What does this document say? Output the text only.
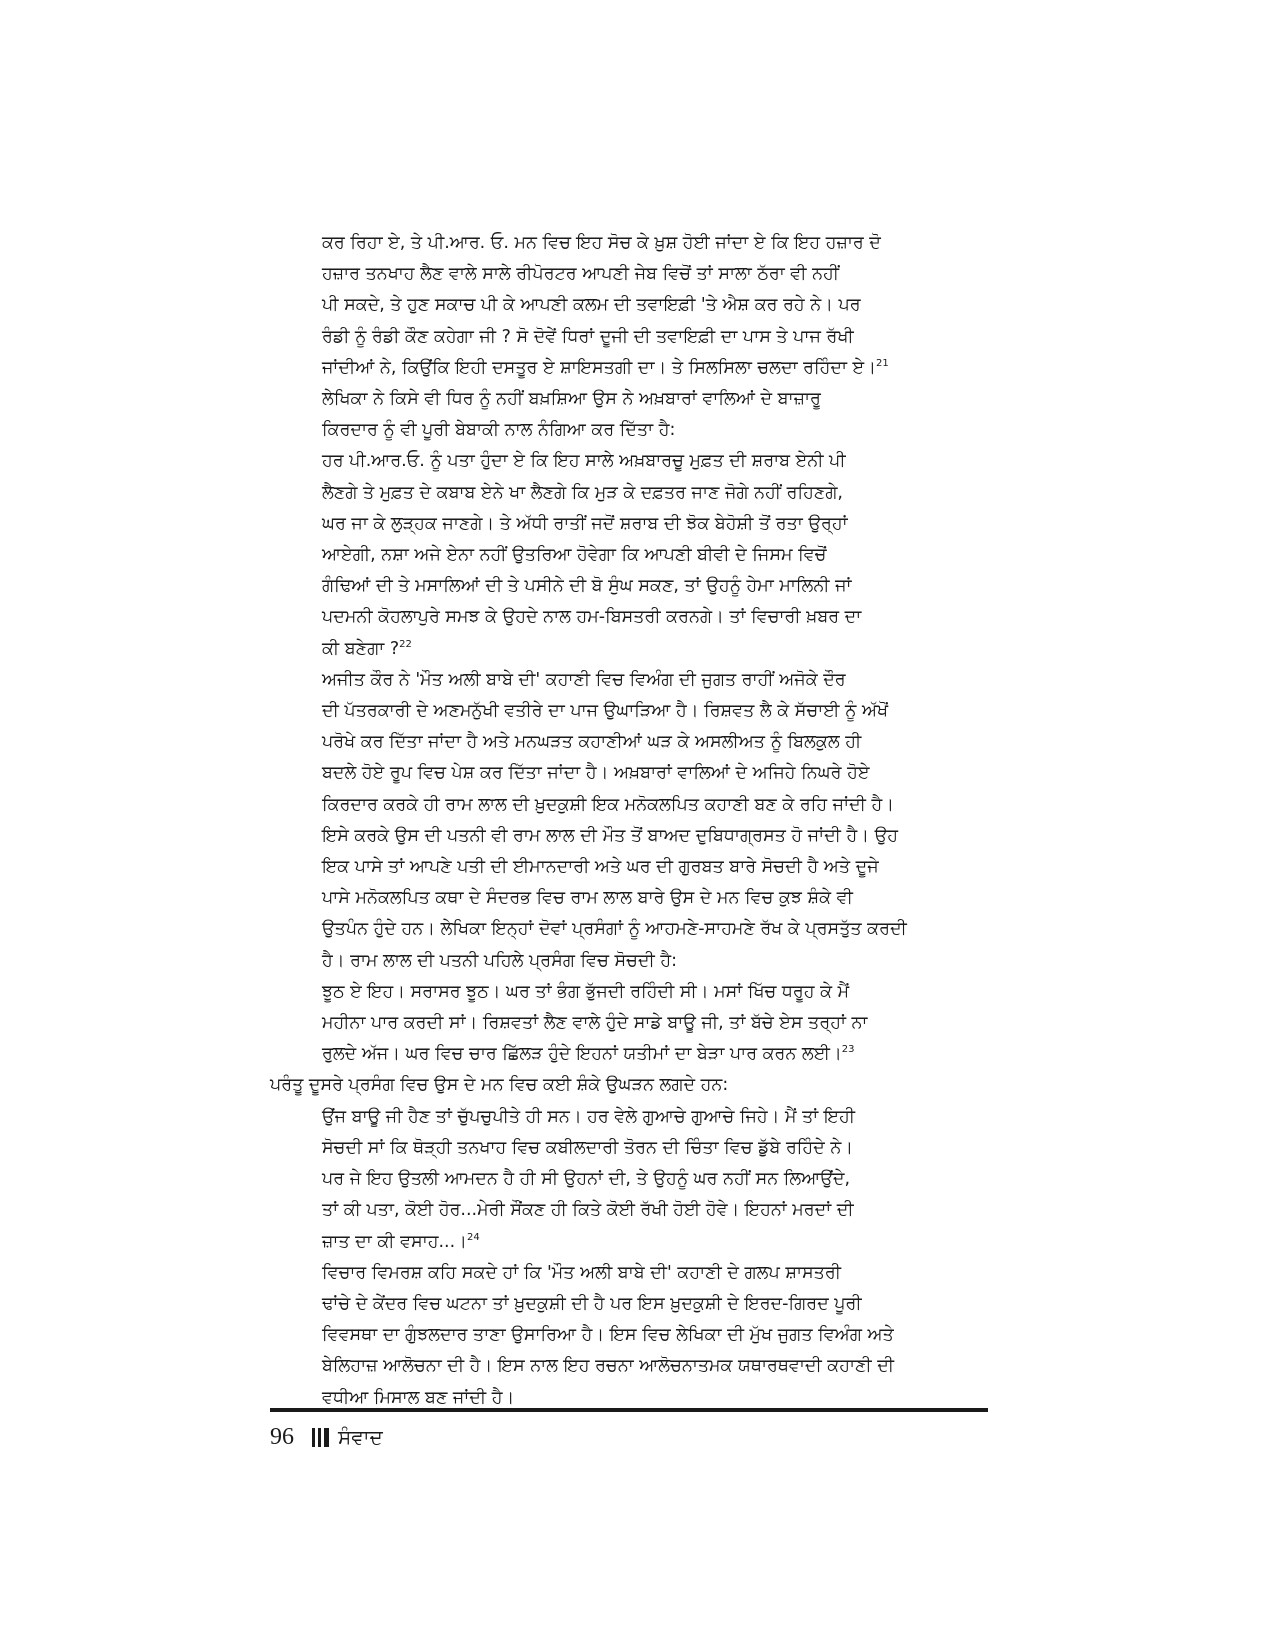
ਕਰ ਰਿਹਾ ਏ, ਤੇ ਪੀ.ਆਰ. ਓ. ਮਨ ਵਿਚ ਇਹ ਸੋਚ ਕੇ ਖ਼ੁਸ਼ ਹੋਈ ਜਾਂਦਾ ਏ ਕਿ ਇਹ ਹਜ਼ਾਰ ਦੋ
ਹਜ਼ਾਰ ਤਨਖਾਹ ਲੈਣ ਵਾਲੇ ਸਾਲੇ ਰੀਪੋਰਟਰ ਆਪਣੀ ਜੇਬ ਵਿਚੋਂ ਤਾਂ ਸਾਲਾ ਠੱਰਾ ਵੀ ਨਹੀਂ
ਪੀ ਸਕਦੇ, ਤੇ ਹੁਣ ਸਕਾਚ ਪੀ ਕੇ ਆਪਣੀ ਕਲਮ ਦੀ ਤਵਾਇਫ਼ੀ 'ਤੇ ਐਸ਼ ਕਰ ਰਹੇ ਨੇ। ਪਰ
ਰੰਡੀ ਨੂੰ ਰੰਡੀ ਕੌਣ ਕਹੇਗਾ ਜੀ ? ਸੋ ਦੋਵੇਂ ਧਿਰਾਂ ਦੂਜੀ ਦੀ ਤਵਾਇਫ਼ੀ ਦਾ ਪਾਸ ਤੇ ਪਾਜ ਰੱਖੀ
ਜਾਂਦੀਆਂ ਨੇ, ਕਿਉਂਕਿ ਇਹੀ ਦਸਤੂਰ ਏ ਸ਼ਾਇਸਤਗੀ ਦਾ। ਤੇ ਸਿਲਸਿਲਾ ਚਲਦਾ ਰਹਿੰਦਾ ਏ।$^{21}$
ਲੇਖਿਕਾ ਨੇ ਕਿਸੇ ਵੀ ਧਿਰ ਨੂੰ ਨਹੀਂ ਬਖ਼ਸ਼ਿਆ ਉਸ ਨੇ ਅਖ਼ਬਾਰਾਂ ਵਾਲਿਆਂ ਦੇ ਬਾਜ਼ਾਰੂ
ਕਿਰਦਾਰ ਨੂੰ ਵੀ ਪੂਰੀ ਬੇਬਾਕੀ ਨਾਲ ਨੰਗਿਆ ਕਰ ਦਿੱਤਾ ਹੈ:
ਹਰ ਪੀ.ਆਰ.ਓ. ਨੂੰ ਪਤਾ ਹੁੰਦਾ ਏ ਕਿ ਇਹ ਸਾਲੇ ਅਖ਼ਬਾਰਚੂ ਮੁਫ਼ਤ ਦੀ ਸ਼ਰਾਬ ਏਨੀ ਪੀ
ਲੈਣਗੇ ਤੇ ਮੁਫ਼ਤ ਦੇ ਕਬਾਬ ਏਨੇ ਖਾ ਲੈਣਗੇ ਕਿ ਮੁੜ ਕੇ ਦਫ਼ਤਰ ਜਾਣ ਜੋਗੇ ਨਹੀਂ ਰਹਿਣਗੇ,
ਘਰ ਜਾ ਕੇ ਲੁੜ੍ਹਕ ਜਾਣਗੇ। ਤੇ ਅੱਧੀ ਰਾਤੀਂ ਜਦੋਂ ਸ਼ਰਾਬ ਦੀ ਝੋਕ ਬੇਹੋਸ਼ੀ ਤੋਂ ਰਤਾ ਉਰ੍ਹਾਂ
ਆਏਗੀ, ਨਸ਼ਾ ਅਜੇ ਏਨਾ ਨਹੀਂ ਉਤਰਿਆ ਹੋਵੇਗਾ ਕਿ ਆਪਣੀ ਬੀਵੀ ਦੇ ਜਿਸਮ ਵਿਚੋਂ
ਗੰਢਿਆਂ ਦੀ ਤੇ ਮਸਾਲਿਆਂ ਦੀ ਤੇ ਪਸੀਨੇ ਦੀ ਬੋ ਸੁੰਘ ਸਕਣ, ਤਾਂ ਉਹਨੂੰ ਹੇਮਾ ਮਾਲਿਨੀ ਜਾਂ
ਪਦਮਨੀ ਕੋਹਲਾਪੁਰੇ ਸਮਝ ਕੇ ਉਹਦੇ ਨਾਲ ਹਮ-ਬਿਸਤਰੀ ਕਰਨਗੇ। ਤਾਂ ਵਿਚਾਰੀ ਖ਼ਬਰ ਦਾ
ਕੀ ਬਣੇਗਾ ?$^{22}$
ਅਜੀਤ ਕੌਰ ਨੇ 'ਮੌਤ ਅਲੀ ਬਾਬੇ ਦੀ' ਕਹਾਣੀ ਵਿਚ ਵਿਅੰਗ ਦੀ ਜੁਗਤ ਰਾਹੀਂ ਅਜੋਕੇ ਦੌਰ
ਦੀ ਪੱਤਰਕਾਰੀ ਦੇ ਅਣਮਨੁੱਖੀ ਵਤੀਰੇ ਦਾ ਪਾਜ ਉਘਾੜਿਆ ਹੈ। ਰਿਸ਼ਵਤ ਲੈ ਕੇ ਸੱਚਾਈ ਨੂੰ ਅੱਖੋਂ
ਪਰੋਖੇ ਕਰ ਦਿੱਤਾ ਜਾਂਦਾ ਹੈ ਅਤੇ ਮਨਘੜਤ ਕਹਾਣੀਆਂ ਘੜ ਕੇ ਅਸਲੀਅਤ ਨੂੰ ਬਿਲਕੁਲ ਹੀ
ਬਦਲੇ ਹੋਏ ਰੂਪ ਵਿਚ ਪੇਸ਼ ਕਰ ਦਿੱਤਾ ਜਾਂਦਾ ਹੈ। ਅਖ਼ਬਾਰਾਂ ਵਾਲਿਆਂ ਦੇ ਅਜਿਹੇ ਨਿਘਰੇ ਹੋਏ
ਕਿਰਦਾਰ ਕਰਕੇ ਹੀ ਰਾਮ ਲਾਲ ਦੀ ਖ਼ੁਦਕੁਸ਼ੀ ਇਕ ਮਨੋਕਲਪਿਤ ਕਹਾਣੀ ਬਣ ਕੇ ਰਹਿ ਜਾਂਦੀ ਹੈ।
ਇਸੇ ਕਰਕੇ ਉਸ ਦੀ ਪਤਨੀ ਵੀ ਰਾਮ ਲਾਲ ਦੀ ਮੌਤ ਤੋਂ ਬਾਅਦ ਦੁਬਿਧਾਗ੍ਰਸਤ ਹੋ ਜਾਂਦੀ ਹੈ। ਉਹ
ਇਕ ਪਾਸੇ ਤਾਂ ਆਪਣੇ ਪਤੀ ਦੀ ਈਮਾਨਦਾਰੀ ਅਤੇ ਘਰ ਦੀ ਗੁਰਬਤ ਬਾਰੇ ਸੋਚਦੀ ਹੈ ਅਤੇ ਦੂਜੇ
ਪਾਸੇ ਮਨੋਕਲਪਿਤ ਕਥਾ ਦੇ ਸੰਦਰਭ ਵਿਚ ਰਾਮ ਲਾਲ ਬਾਰੇ ਉਸ ਦੇ ਮਨ ਵਿਚ ਕੁਝ ਸ਼ੰਕੇ ਵੀ
ਉਤਪੰਨ ਹੁੰਦੇ ਹਨ। ਲੇਖਿਕਾ ਇਨ੍ਹਾਂ ਦੋਵਾਂ ਪ੍ਰਸੰਗਾਂ ਨੂੰ ਆਹਮਣੇ-ਸਾਹਮਣੇ ਰੱਖ ਕੇ ਪ੍ਰਸਤੁੱਤ ਕਰਦੀ
ਹੈ। ਰਾਮ ਲਾਲ ਦੀ ਪਤਨੀ ਪਹਿਲੇ ਪ੍ਰਸੰਗ ਵਿਚ ਸੋਚਦੀ ਹੈ:
ਝੂਠ ਏ ਇਹ। ਸਰਾਸਰ ਝੂਠ। ਘਰ ਤਾਂ ਭੰਗ ਭੁੱਜਦੀ ਰਹਿੰਦੀ ਸੀ। ਮਸਾਂ ਖਿੱਚ ਧਰੂਹ ਕੇ ਮੈਂ
ਮਹੀਨਾ ਪਾਰ ਕਰਦੀ ਸਾਂ। ਰਿਸ਼ਵਤਾਂ ਲੈਣ ਵਾਲੇ ਹੁੰਦੇ ਸਾਡੇ ਬਾਊ ਜੀ, ਤਾਂ ਬੱਚੇ ਏਸ ਤਰ੍ਹਾਂ ਨਾ
ਰੁਲਦੇ ਅੱਜ। ਘਰ ਵਿਚ ਚਾਰ ਛਿੱਲੜ ਹੁੰਦੇ ਇਹਨਾਂ ਯਤੀਮਾਂ ਦਾ ਬੇੜਾ ਪਾਰ ਕਰਨ ਲਈ।$^{23}$
ਪਰੰਤੂ ਦੂਸਰੇ ਪ੍ਰਸੰਗ ਵਿਚ ਉਸ ਦੇ ਮਨ ਵਿਚ ਕਈ ਸ਼ੰਕੇ ਉਘੜਨ ਲਗਦੇ ਹਨ:
ਉਂਜ ਬਾਊ ਜੀ ਹੈਣ ਤਾਂ ਚੁੱਪਚੁਪੀਤੇ ਹੀ ਸਨ। ਹਰ ਵੇਲੇ ਗੁਆਚੇ ਗੁਆਚੇ ਜਿਹੇ। ਮੈਂ ਤਾਂ ਇਹੀ
ਸੋਚਦੀ ਸਾਂ ਕਿ ਥੋੜ੍ਹੀ ਤਨਖਾਹ ਵਿਚ ਕਬੀਲਦਾਰੀ ਤੋਰਨ ਦੀ ਚਿੰਤਾ ਵਿਚ ਡੁੱਬੇ ਰਹਿੰਦੇ ਨੇ।
ਪਰ ਜੇ ਇਹ ਉਤਲੀ ਆਮਦਨ ਹੈ ਹੀ ਸੀ ਉਹਨਾਂ ਦੀ, ਤੇ ਉਹਨੂੰ ਘਰ ਨਹੀਂ ਸਨ ਲਿਆਉਂਦੇ,
ਤਾਂ ਕੀ ਪਤਾ, ਕੋਈ ਹੋਰ...ਮੇਰੀ ਸੌਂਕਣ ਹੀ ਕਿਤੇ ਕੋਈ ਰੱਖੀ ਹੋਈ ਹੋਵੇ। ਇਹਨਾਂ ਮਰਦਾਂ ਦੀ
ਜ਼ਾਤ ਦਾ ਕੀ ਵਸਾਹ...।$^{24}$
ਵਿਚਾਰ ਵਿਮਰਸ਼ ਕਹਿ ਸਕਦੇ ਹਾਂ ਕਿ 'ਮੌਤ ਅਲੀ ਬਾਬੇ ਦੀ' ਕਹਾਣੀ ਦੇ ਗਲਪ ਸ਼ਾਸਤਰੀ
ਢਾਂਚੇ ਦੇ ਕੇਂਦਰ ਵਿਚ ਘਟਨਾ ਤਾਂ ਖ਼ੁਦਕੁਸ਼ੀ ਦੀ ਹੈ ਪਰ ਇਸ ਖ਼ੁਦਕੁਸ਼ੀ ਦੇ ਇਰਦ-ਗਿਰਦ ਪੂਰੀ
ਵਿਵਸਥਾ ਦਾ ਗੁੰਝਲਦਾਰ ਤਾਣਾ ਉਸਾਰਿਆ ਹੈ। ਇਸ ਵਿਚ ਲੇਖਿਕਾ ਦੀ ਮੁੱਖ ਜੁਗਤ ਵਿਅੰਗ ਅਤੇ
ਬੇਲਿਹਾਜ਼ ਆਲੋਚਨਾ ਦੀ ਹੈ। ਇਸ ਨਾਲ ਇਹ ਰਚਨਾ ਆਲੋਚਨਾਤਮਕ ਯਥਾਰਥਵਾਦੀ ਕਹਾਣੀ ਦੀ
ਵਧੀਆ ਮਿਸਾਲ ਬਣ ਜਾਂਦੀ ਹੈ।
96 ਸੰਵਾਦ
